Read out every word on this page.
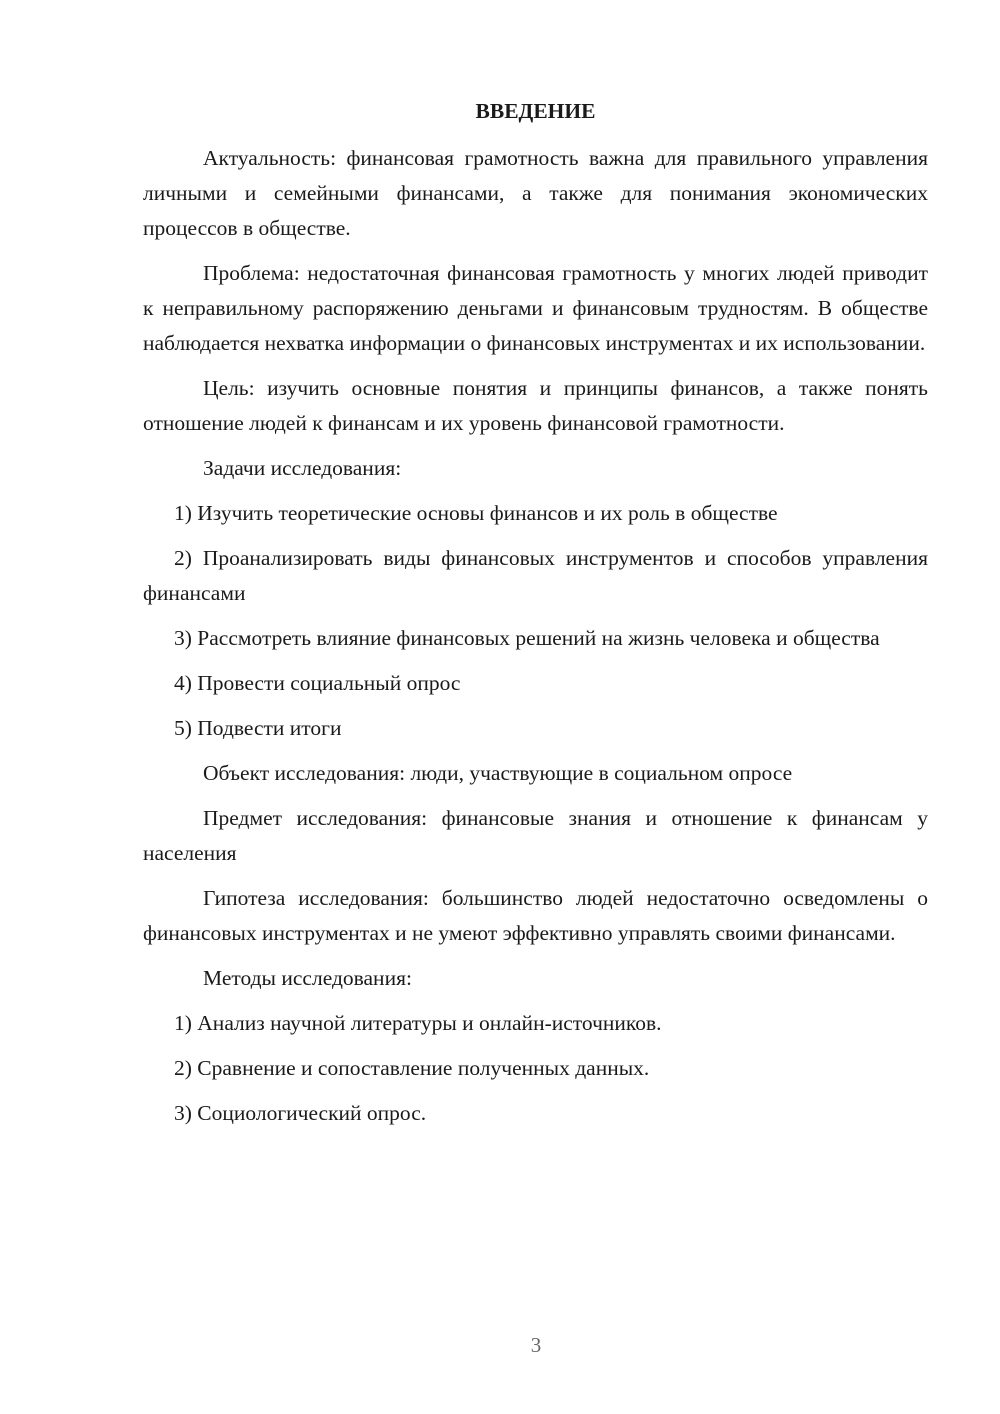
ВВЕДЕНИЕ

Актуальность: финансовая грамотность важна для правильного управления личными и семейными финансами, а также для понимания экономических процессов в обществе.

Проблема: недостаточная финансовая грамотность у многих людей приводит к неправильному распоряжению деньгами и финансовым трудностям. В обществе наблюдается нехватка информации о финансовых инструментах и их использовании.

Цель: изучить основные понятия и принципы финансов, а также понять отношение людей к финансам и их уровень финансовой грамотности.

Задачи исследования:

1) Изучить теоретические основы финансов и их роль в обществе

2) Проанализировать виды финансовых инструментов и способов управления финансами

3) Рассмотреть влияние финансовых решений на жизнь человека и общества

4) Провести социальный опрос

5) Подвести итоги

Объект исследования: люди, участвующие в социальном опросе

Предмет исследования: финансовые знания и отношение к финансам у населения

Гипотеза исследования: большинство людей недостаточно осведомлены о финансовых инструментах и не умеют эффективно управлять своими финансами.

Методы исследования:

1) Анализ научной литературы и онлайн-источников.

2) Сравнение и сопоставление полученных данных.

3) Социологический опрос.

3
